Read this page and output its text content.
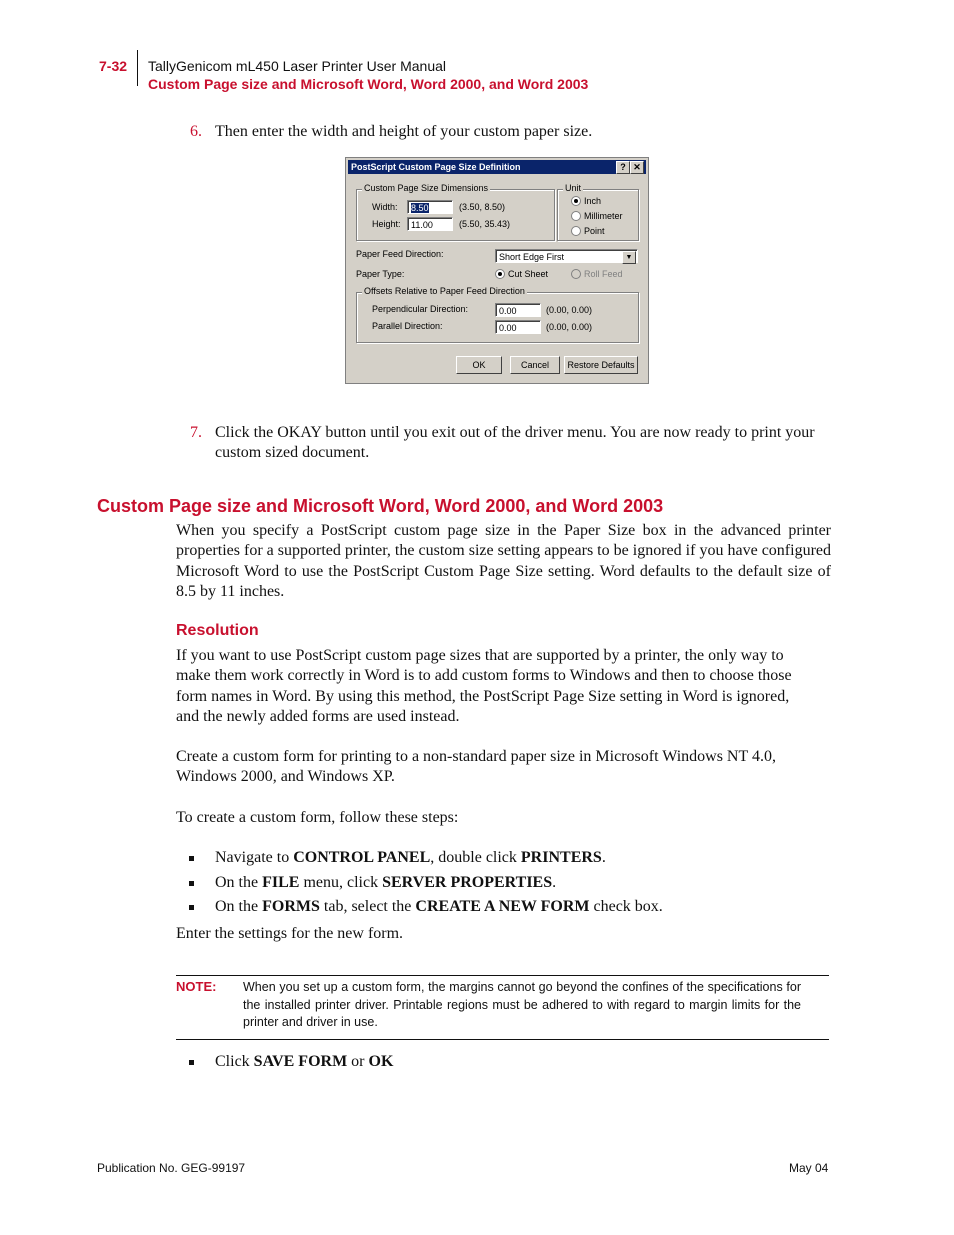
7-32 TallyGenicom mL450 Laser Printer User Manual
Custom Page size and Microsoft Word, Word 2000, and Word 2003
6. Then enter the width and height of your custom paper size.
PostScript Custom Page Size Definition	? ✕
Custom Page Size Dimensions
Width:	8.50	(3.50, 8.50)
Height:	11.00	(5.50, 35.43)
Unit
Inch
Millimeter
Point
Paper Feed Direction:	Short Edge First	▼
Paper Type:	Cut Sheet	Roll Feed
Offsets Relative to Paper Feed Direction
Perpendicular Direction:	0.00	(0.00, 0.00)
Parallel Direction:	0.00	(0.00, 0.00)
OK	Cancel	Restore Defaults
7. Click the OKAY button until you exit out of the driver menu. You are now ready to print your custom sized document.
Custom Page size and Microsoft Word, Word 2000, and Word 2003
When you specify a PostScript custom page size in the Paper Size box in the advanced printer properties for a supported printer, the custom size setting appears to be ignored if you have configured Microsoft Word to use the PostScript Custom Page Size setting. Word defaults to the default size of 8.5 by 11 inches.
Resolution
If you want to use PostScript custom page sizes that are supported by a printer, the only way to make them work correctly in Word is to add custom forms to Windows and then to choose those form names in Word. By using this method, the PostScript Page Size setting in Word is ignored, and the newly added forms are used instead.
Create a custom form for printing to a non-standard paper size in Microsoft Windows NT 4.0, Windows 2000, and Windows XP.
To create a custom form, follow these steps:
Navigate to CONTROL PANEL, double click PRINTERS.
On the FILE menu, click SERVER PROPERTIES.
On the FORMS tab, select the CREATE A NEW FORM check box.
Enter the settings for the new form.
NOTE: When you set up a custom form, the margins cannot go beyond the confines of the specifications for the installed printer driver. Printable regions must be adhered to with regard to margin limits for the printer and driver in use.
Click SAVE FORM or OK
Publication No. GEG-99197	May 04
